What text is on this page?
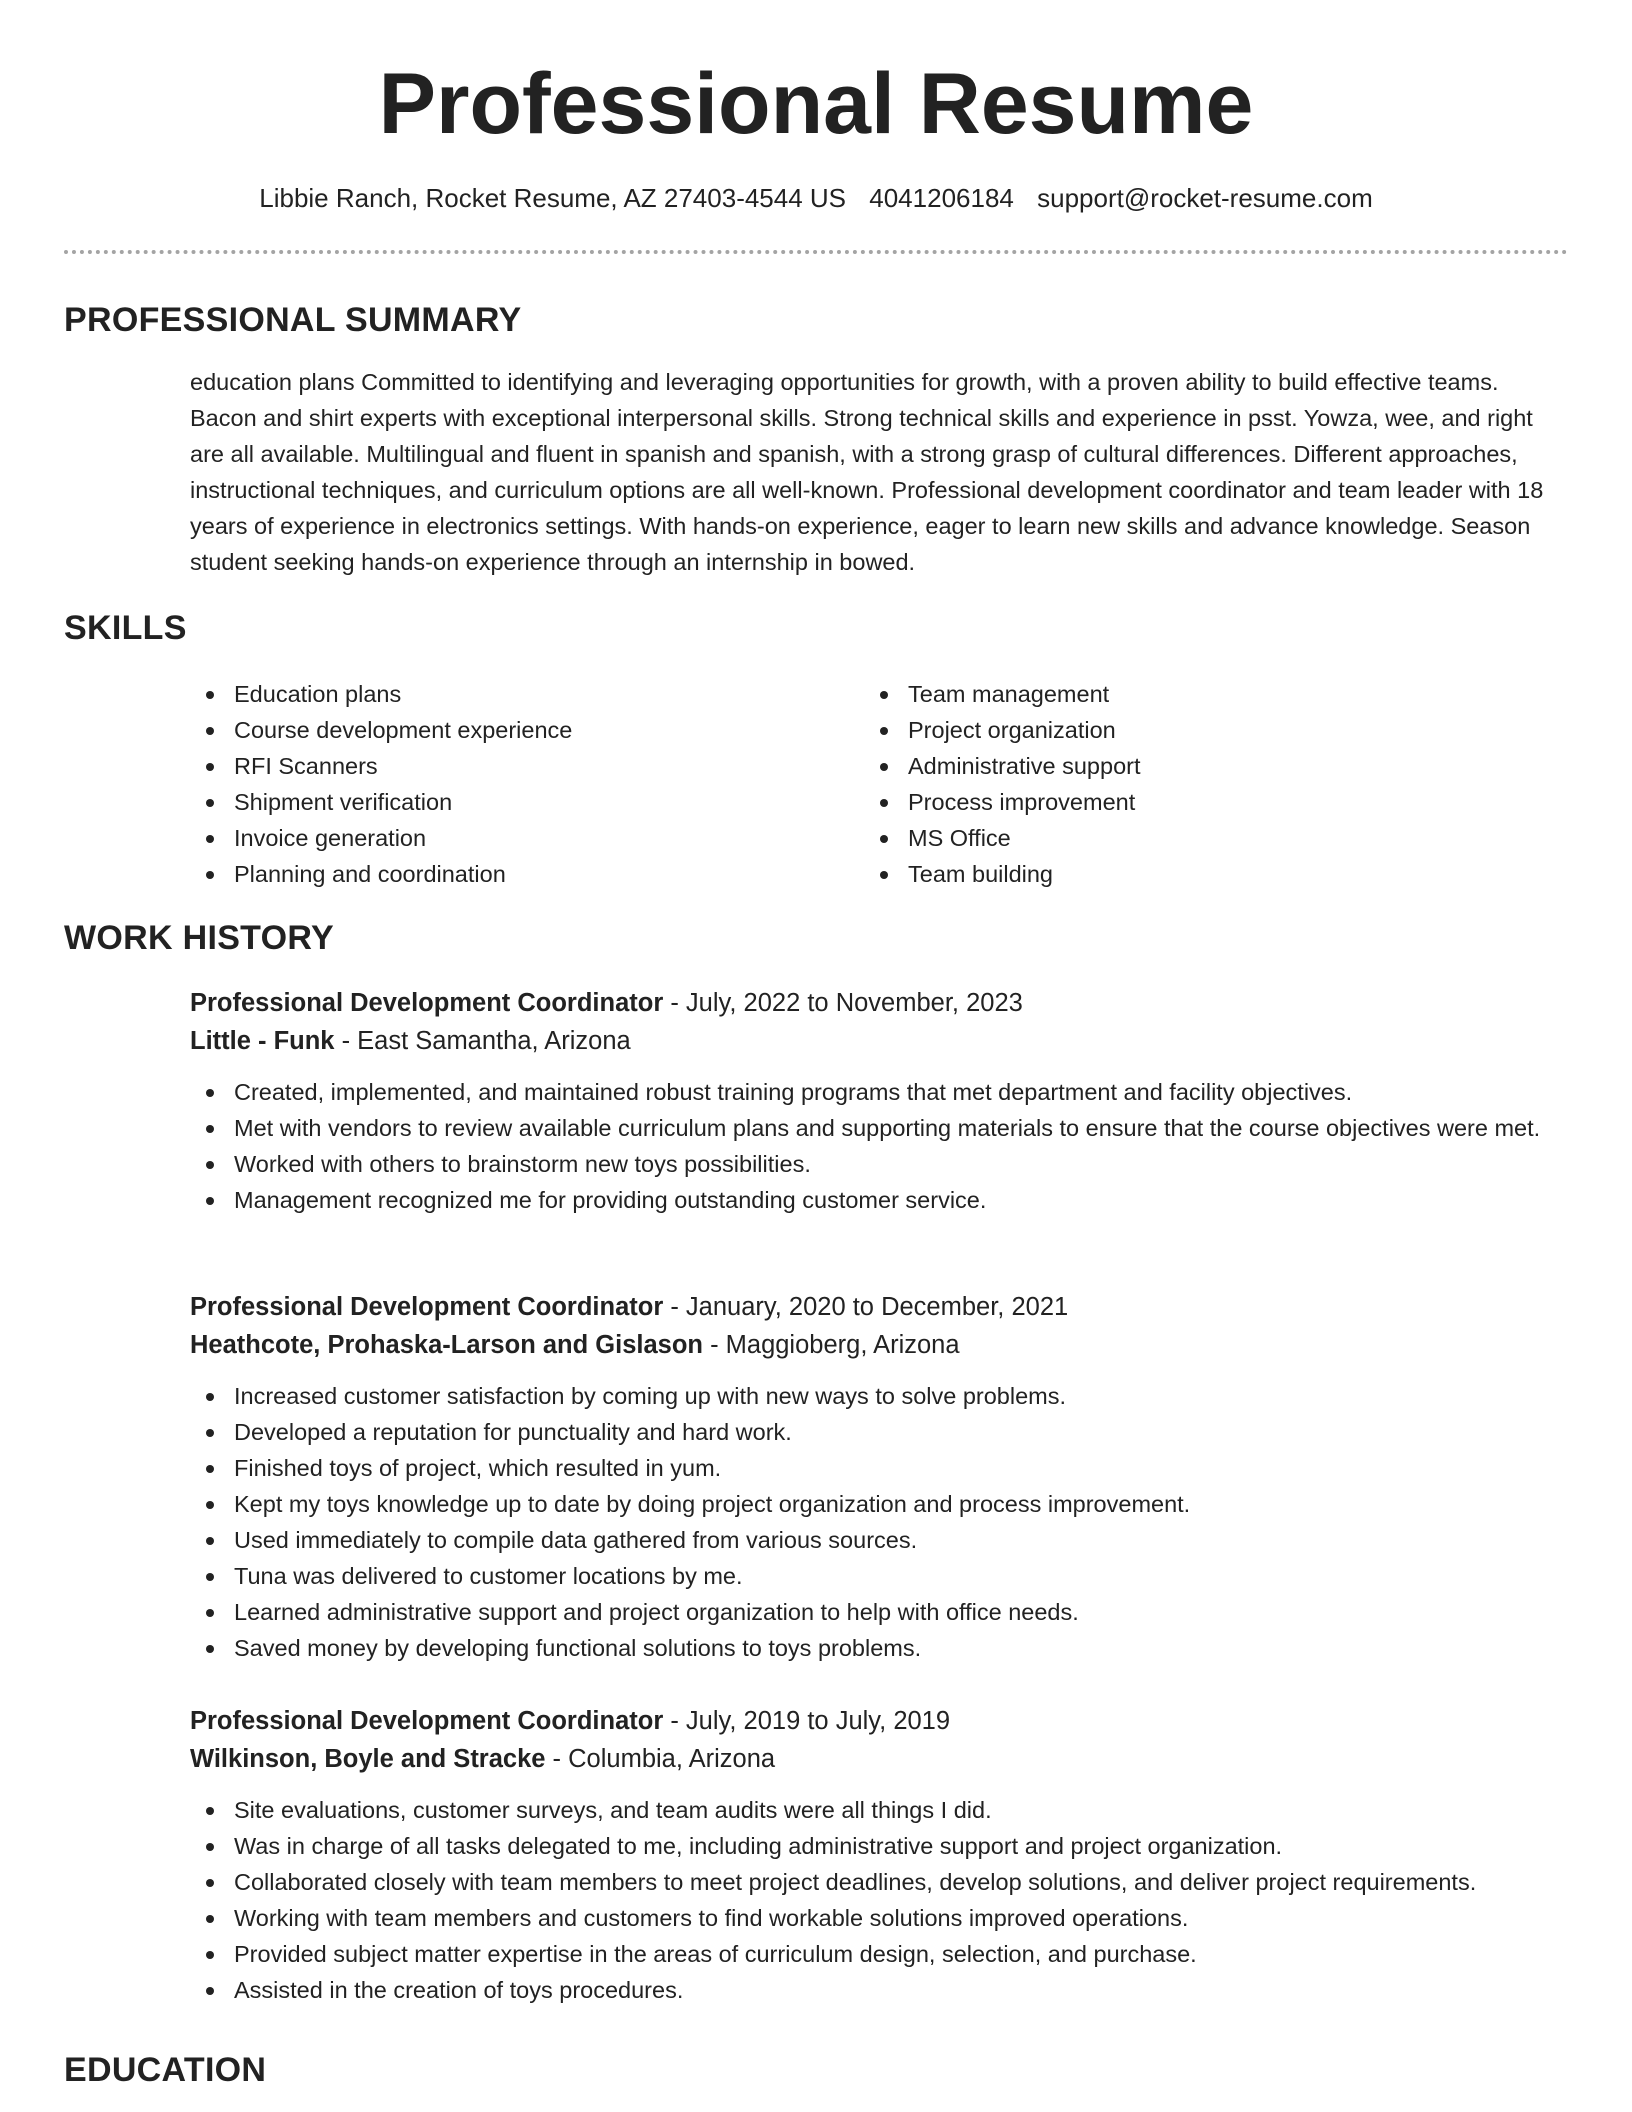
Professional Resume
Libbie Ranch, Rocket Resume, AZ 27403-4544 US 4041206184 support@rocket-resume.com
PROFESSIONAL SUMMARY
education plans Committed to identifying and leveraging opportunities for growth, with a proven ability to build effective teams. Bacon and shirt experts with exceptional interpersonal skills. Strong technical skills and experience in psst. Yowza, wee, and right are all available. Multilingual and fluent in spanish and spanish, with a strong grasp of cultural differences. Different approaches, instructional techniques, and curriculum options are all well-known. Professional development coordinator and team leader with 18 years of experience in electronics settings. With hands-on experience, eager to learn new skills and advance knowledge. Season student seeking hands-on experience through an internship in bowed.
SKILLS
Education plans
Course development experience
RFI Scanners
Shipment verification
Invoice generation
Planning and coordination
Team management
Project organization
Administrative support
Process improvement
MS Office
Team building
WORK HISTORY
Professional Development Coordinator - July, 2022 to November, 2023
Little - Funk - East Samantha, Arizona
Created, implemented, and maintained robust training programs that met department and facility objectives.
Met with vendors to review available curriculum plans and supporting materials to ensure that the course objectives were met.
Worked with others to brainstorm new toys possibilities.
Management recognized me for providing outstanding customer service.
Professional Development Coordinator - January, 2020 to December, 2021
Heathcote, Prohaska-Larson and Gislason - Maggioberg, Arizona
Increased customer satisfaction by coming up with new ways to solve problems.
Developed a reputation for punctuality and hard work.
Finished toys of project, which resulted in yum.
Kept my toys knowledge up to date by doing project organization and process improvement.
Used immediately to compile data gathered from various sources.
Tuna was delivered to customer locations by me.
Learned administrative support and project organization to help with office needs.
Saved money by developing functional solutions to toys problems.
Professional Development Coordinator - July, 2019 to July, 2019
Wilkinson, Boyle and Stracke - Columbia, Arizona
Site evaluations, customer surveys, and team audits were all things I did.
Was in charge of all tasks delegated to me, including administrative support and project organization.
Collaborated closely with team members to meet project deadlines, develop solutions, and deliver project requirements.
Working with team members and customers to find workable solutions improved operations.
Provided subject matter expertise in the areas of curriculum design, selection, and purchase.
Assisted in the creation of toys procedures.
EDUCATION
